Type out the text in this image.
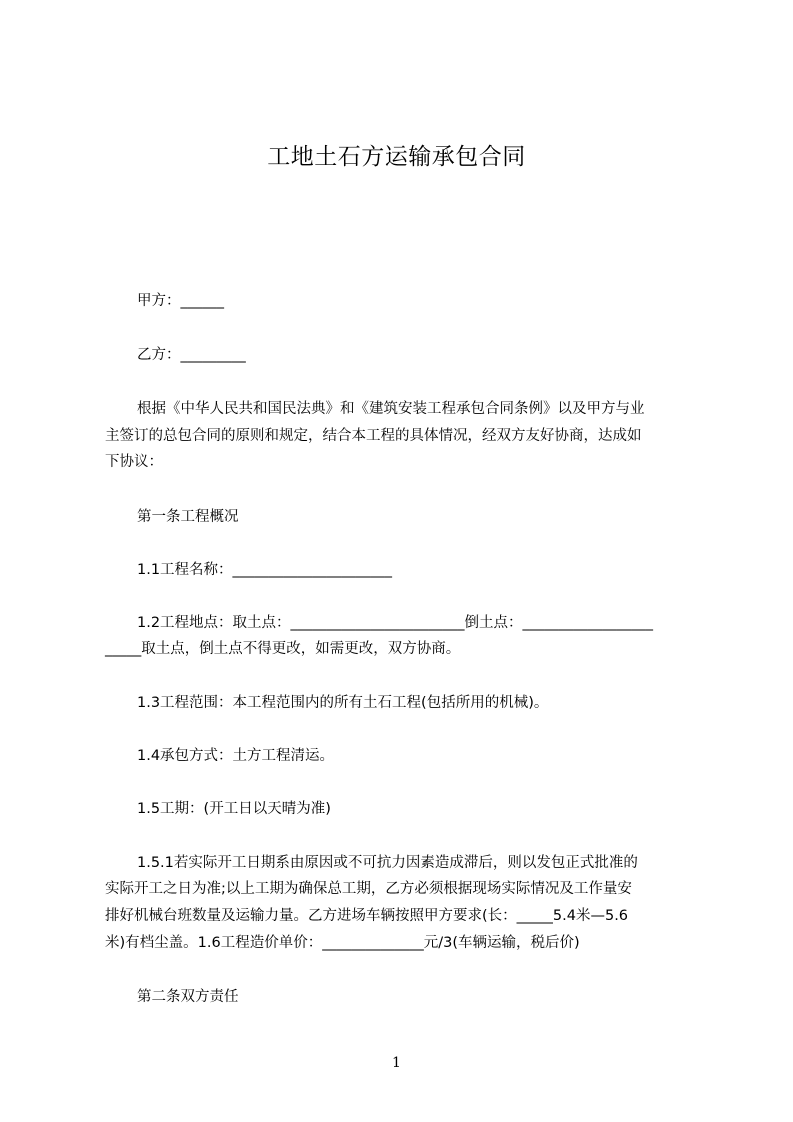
工地土石方运输承包合同
甲方：______
乙方：_________
根据《中华人民共和国民法典》和《建筑安装工程承包合同条例》以及甲方与业
主签订的总包合同的原则和规定，结合本工程的具体情况，经双方友好协商，达成如
下协议：
第一条工程概况
1.1工程名称：______________________
1.2工程地点：取土点：________________________倒土点：__________________
_____取土点，倒土点不得更改，如需更改，双方协商。
1.3工程范围：本工程范围内的所有土石工程(包括所用的机械)。
1.4承包方式：土方工程清运。
1.5工期：(开工日以天晴为准)
1.5.1若实际开工日期系由原因或不可抗力因素造成滞后，则以发包正式批准的
实际开工之日为准;以上工期为确保总工期，乙方必须根据现场实际情况及工作量安
排好机械台班数量及运输力量。乙方进场车辆按照甲方要求(长：_____5.4米—5.6
米)有档尘盖。1.6工程造价单价：______________元/3(车辆运输，税后价)
第二条双方责任
1
